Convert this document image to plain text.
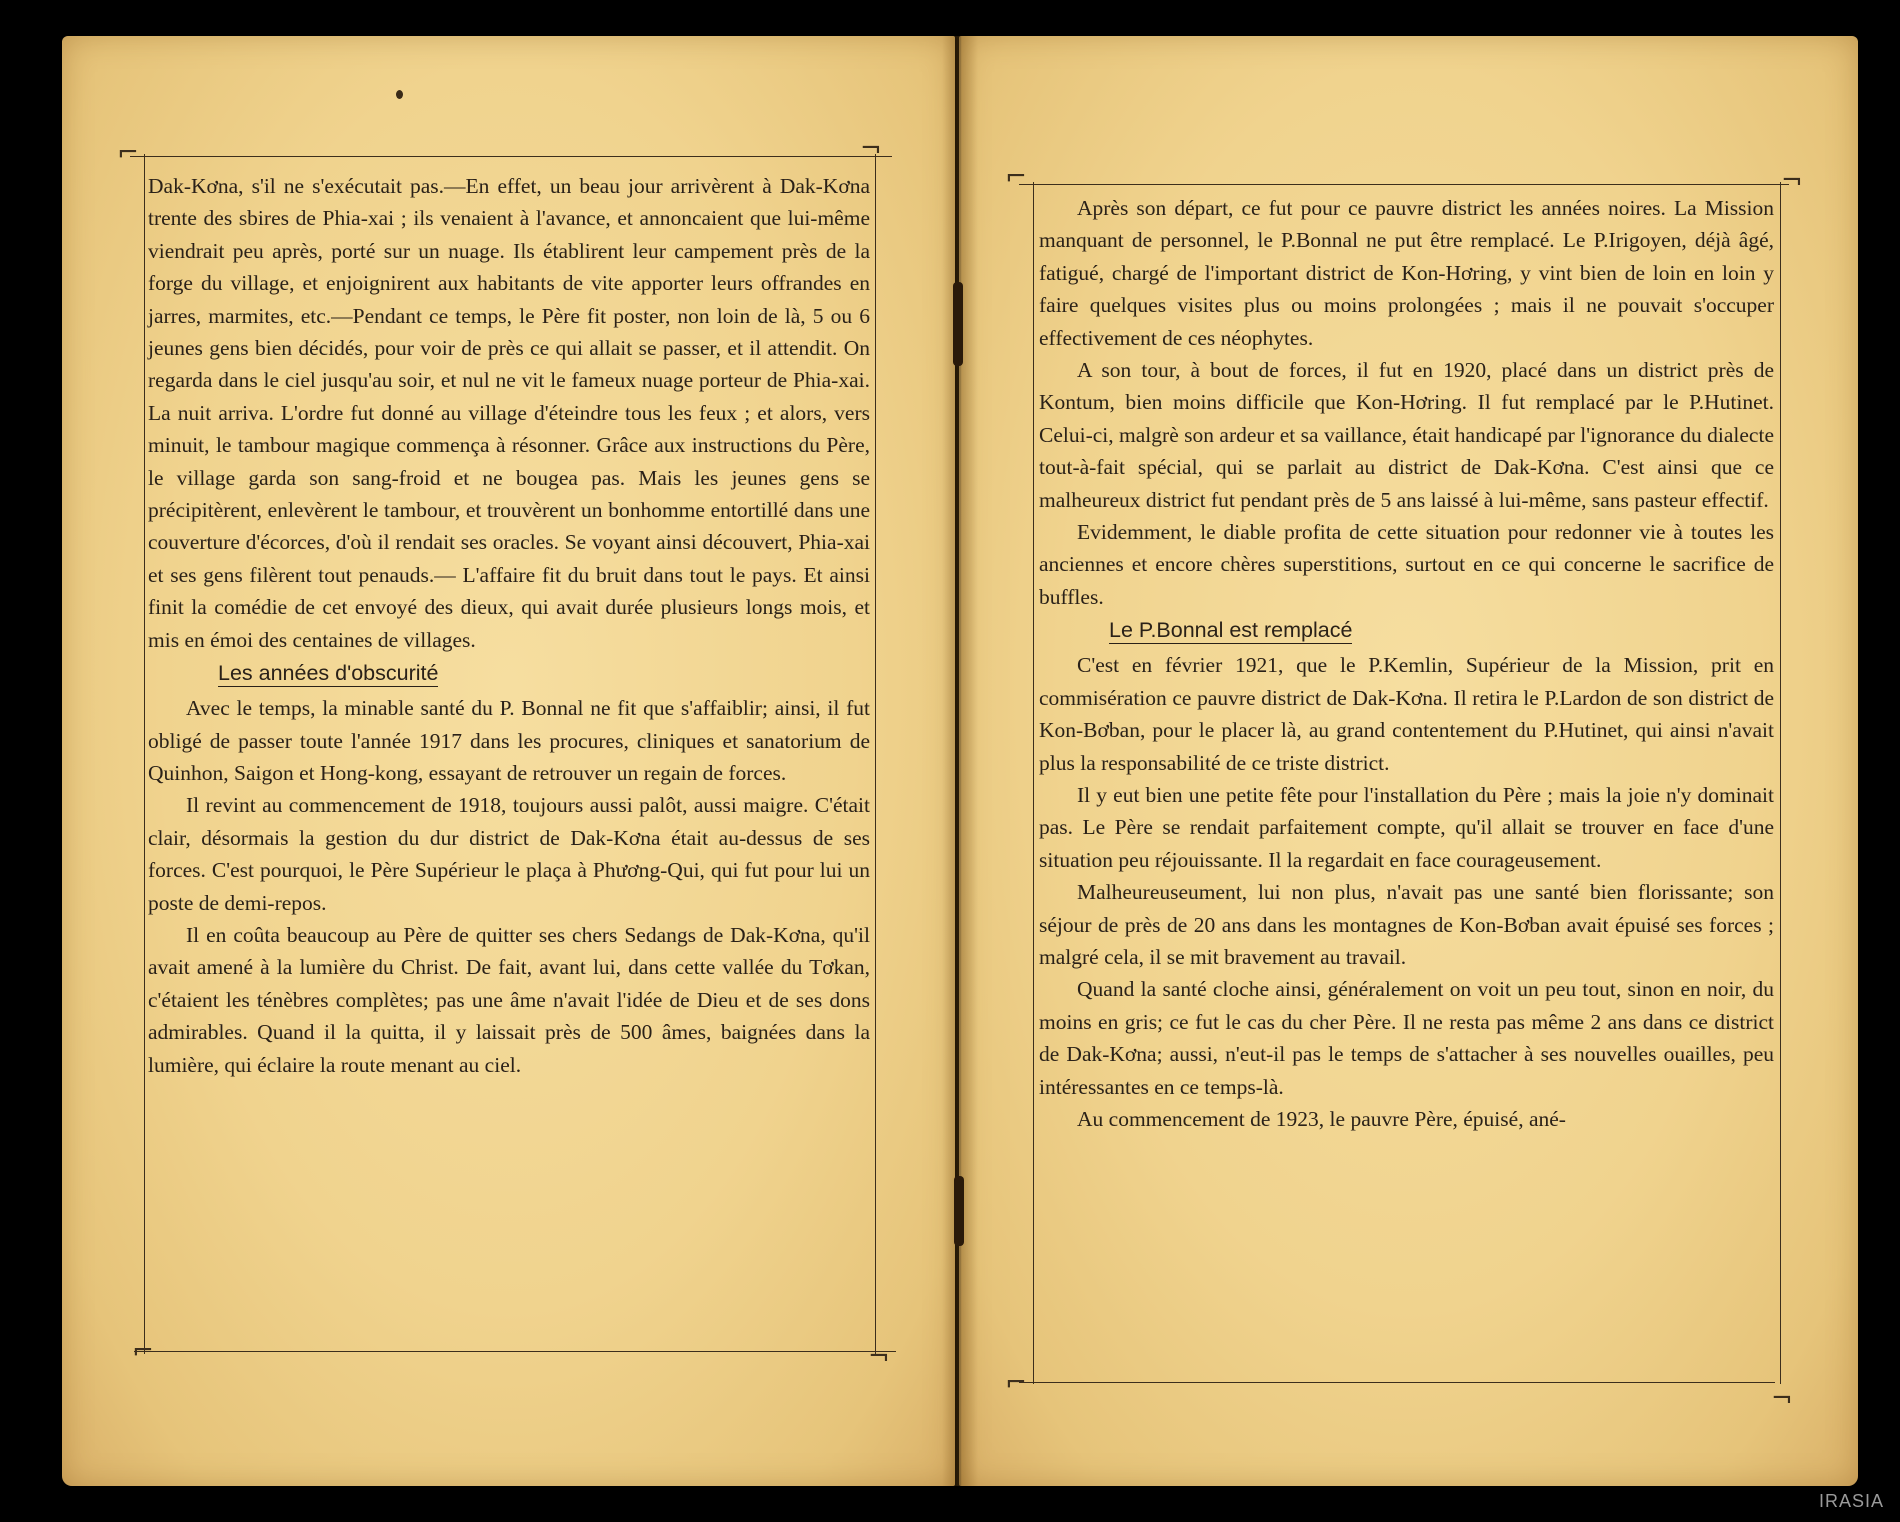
⌐	¬
⌐	¬

Dak-Kơna, s'il ne s'exécutait pas.—En effet, un beau jour arrivèrent à Dak-Kơna trente des sbires de Phia-xai ; ils venaient à l'avance, et annoncaient que lui-même viendrait peu après, porté sur un nuage. Ils établirent leur campement près de la forge du village, et enjoignirent aux habitants de vite apporter leurs offrandes en jarres, marmites, etc.—Pendant ce temps, le Père fit poster, non loin de là, 5 ou 6 jeunes gens bien décidés, pour voir de près ce qui allait se passer, et il attendit. On regarda dans le ciel jusqu'au soir, et nul ne vit le fameux nuage porteur de Phia-xai. La nuit arriva. L'ordre fut donné au village d'éteindre tous les feux ; et alors, vers minuit, le tambour magique commença à résonner. Grâce aux instructions du Père, le village garda son sang-froid et ne bougea pas. Mais les jeunes gens se précipitèrent, enlevèrent le tambour, et trouvèrent un bonhomme entortillé dans une couverture d'écorces, d'où il rendait ses oracles. Se voyant ainsi découvert, Phia-xai et ses gens filèrent tout penauds.— L'affaire fit du bruit dans tout le pays. Et ainsi finit la comédie de cet envoyé des dieux, qui avait durée plusieurs longs mois, et mis en émoi des centaines de villages.

Les années d'obscurité

Avec le temps, la minable santé du P. Bonnal ne fit que s'affaiblir; ainsi, il fut obligé de passer toute l'année 1917 dans les procures, cliniques et sanatorium de Quinhon, Saigon et Hong-kong, essayant de retrouver un regain de forces.

Il revint au commencement de 1918, toujours aussi palôt, aussi maigre. C'était clair, désormais la gestion du dur district de Dak-Kơna était au-dessus de ses forces. C'est pourquoi, le Père Supérieur le plaça à Phương-Qui, qui fut pour lui un poste de demi-repos.

Il en coûta beaucoup au Père de quitter ses chers Sedangs de Dak-Kơna, qu'il avait amené à la lumière du Christ. De fait, avant lui, dans cette vallée du Tơkan, c'étaient les ténèbres complètes; pas une âme n'avait l'idée de Dieu et de ses dons admirables. Quand il la quitta, il y laissait près de 500 âmes, baignées dans la lumière, qui éclaire la route menant au ciel.

⌐	¬
⌐
¬

Après son départ, ce fut pour ce pauvre district les années noires. La Mission manquant de personnel, le P.Bonnal ne put être remplacé. Le P.Irigoyen, déjà âgé, fatigué, chargé de l'important district de Kon-Hơring, y vint bien de loin en loin y faire quelques visites plus ou moins prolongées ; mais il ne pouvait s'occuper effectivement de ces néophytes.

A son tour, à bout de forces, il fut en 1920, placé dans un district près de Kontum, bien moins difficile que Kon-Hơring. Il fut remplacé par le P.Hutinet. Celui-ci, malgrè son ardeur et sa vaillance, était handicapé par l'ignorance du dialecte tout-à-fait spécial, qui se parlait au district de Dak-Kơna. C'est ainsi que ce malheureux district fut pendant près de 5 ans laissé à lui-même, sans pasteur effectif.

Evidemment, le diable profita de cette situation pour redonner vie à toutes les anciennes et encore chères superstitions, surtout en ce qui concerne le sacrifice de buffles.

Le P.Bonnal est remplacé

C'est en février 1921, que le P.Kemlin, Supérieur de la Mission, prit en commisération ce pauvre district de Dak-Kơna. Il retira le P.Lardon de son district de Kon-Bơban, pour le placer là, au grand contentement du P.Hutinet, qui ainsi n'avait plus la responsabilité de ce triste district.

Il y eut bien une petite fête pour l'installation du Père ; mais la joie n'y dominait pas. Le Père se rendait parfaitement compte, qu'il allait se trouver en face d'une situation peu réjouissante. Il la regardait en face courageusement.

Malheureuseument, lui non plus, n'avait pas une santé bien florissante; son séjour de près de 20 ans dans les montagnes de Kon-Bơban avait épuisé ses forces ; malgré cela, il se mit bravement au travail.

Quand la santé cloche ainsi, généralement on voit un peu tout, sinon en noir, du moins en gris; ce fut le cas du cher Père. Il ne resta pas même 2 ans dans ce district de Dak-Kơna; aussi, n'eut-il pas le temps de s'attacher à ses nouvelles ouailles, peu intéressantes en ce temps-là.

Au commencement de 1923, le pauvre Père, épuisé, ané-

IRASIA
